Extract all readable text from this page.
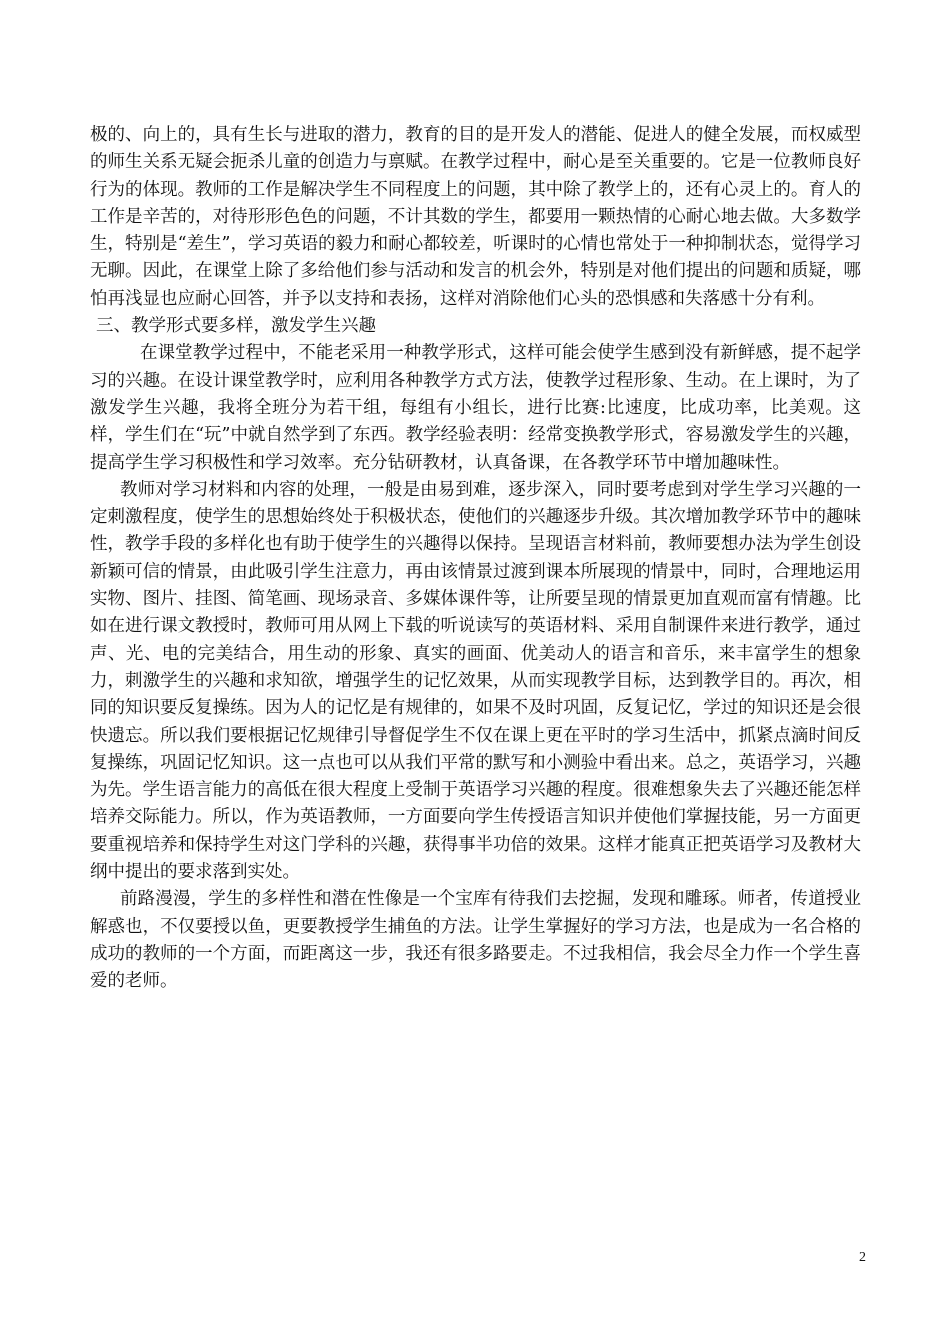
极的、向上的，具有生长与进取的潜力，教育的目的是开发人的潜能、促进人的健全发展，而权威型的师生关系无疑会扼杀儿童的创造力与禀赋。在教学过程中，耐心是至关重要的。它是一位教师良好行为的体现。教师的工作是解决学生不同程度上的问题，其中除了教学上的，还有心灵上的。育人的工作是辛苦的，对待形形色色的问题，不计其数的学生，都要用一颗热情的心耐心地去做。大多数学生，特别是“差生”，学习英语的毅力和耐心都较差，听课时的心情也常处于一种抑制状态，觉得学习无聊。因此，在课堂上除了多给他们参与活动和发言的机会外，特别是对他们提出的问题和质疑，哪怕再浅显也应耐心回答，并予以支持和表扬，这样对消除他们心头的恐惧感和失落感十分有利。

三、教学形式要多样，激发学生兴趣

在课堂教学过程中，不能老采用一种教学形式，这样可能会使学生感到没有新鲜感，提不起学习的兴趣。在设计课堂教学时，应利用各种教学方式方法，使教学过程形象、生动。在上课时，为了激发学生兴趣，我将全班分为若干组，每组有小组长，进行比赛:比速度，比成功率，比美观。这样，学生们在“玩”中就自然学到了东西。教学经验表明：经常变换教学形式，容易激发学生的兴趣，提高学生学习积极性和学习效率。充分钻研教材，认真备课，在各教学环节中增加趣味性。

教师对学习材料和内容的处理，一般是由易到难，逐步深入，同时要考虑到对学生学习兴趣的一定刺激程度，使学生的思想始终处于积极状态，使他们的兴趣逐步升级。其次增加教学环节中的趣味性，教学手段的多样化也有助于使学生的兴趣得以保持。呈现语言材料前，教师要想办法为学生创设新颖可信的情景，由此吸引学生注意力，再由该情景过渡到课本所展现的情景中，同时，合理地运用实物、图片、挂图、简笔画、现场录音、多媒体课件等，让所要呈现的情景更加直观而富有情趣。比如在进行课文教授时，教师可用从网上下载的听说读写的英语材料、采用自制课件来进行教学，通过声、光、电的完美结合，用生动的形象、真实的画面、优美动人的语言和音乐，来丰富学生的想象力，刺激学生的兴趣和求知欲，增强学生的记忆效果，从而实现教学目标，达到教学目的。再次，相同的知识要反复操练。因为人的记忆是有规律的，如果不及时巩固，反复记忆，学过的知识还是会很快遗忘。所以我们要根据记忆规律引导督促学生不仅在课上更在平时的学习生活中，抓紧点滴时间反复操练，巩固记忆知识。这一点也可以从我们平常的默写和小测验中看出来。总之，英语学习，兴趣为先。学生语言能力的高低在很大程度上受制于英语学习兴趣的程度。很难想象失去了兴趣还能怎样培养交际能力。所以，作为英语教师，一方面要向学生传授语言知识并使他们掌握技能，另一方面更要重视培养和保持学生对这门学科的兴趣，获得事半功倍的效果。这样才能真正把英语学习及教材大纲中提出的要求落到实处。

前路漫漫，学生的多样性和潜在性像是一个宝库有待我们去挖掘，发现和雕琢。师者，传道授业解惑也，不仅要授以鱼，更要教授学生捕鱼的方法。让学生掌握好的学习方法，也是成为一名合格的成功的教师的一个方面，而距离这一步，我还有很多路要走。不过我相信，我会尽全力作一个学生喜爱的老师。

2
